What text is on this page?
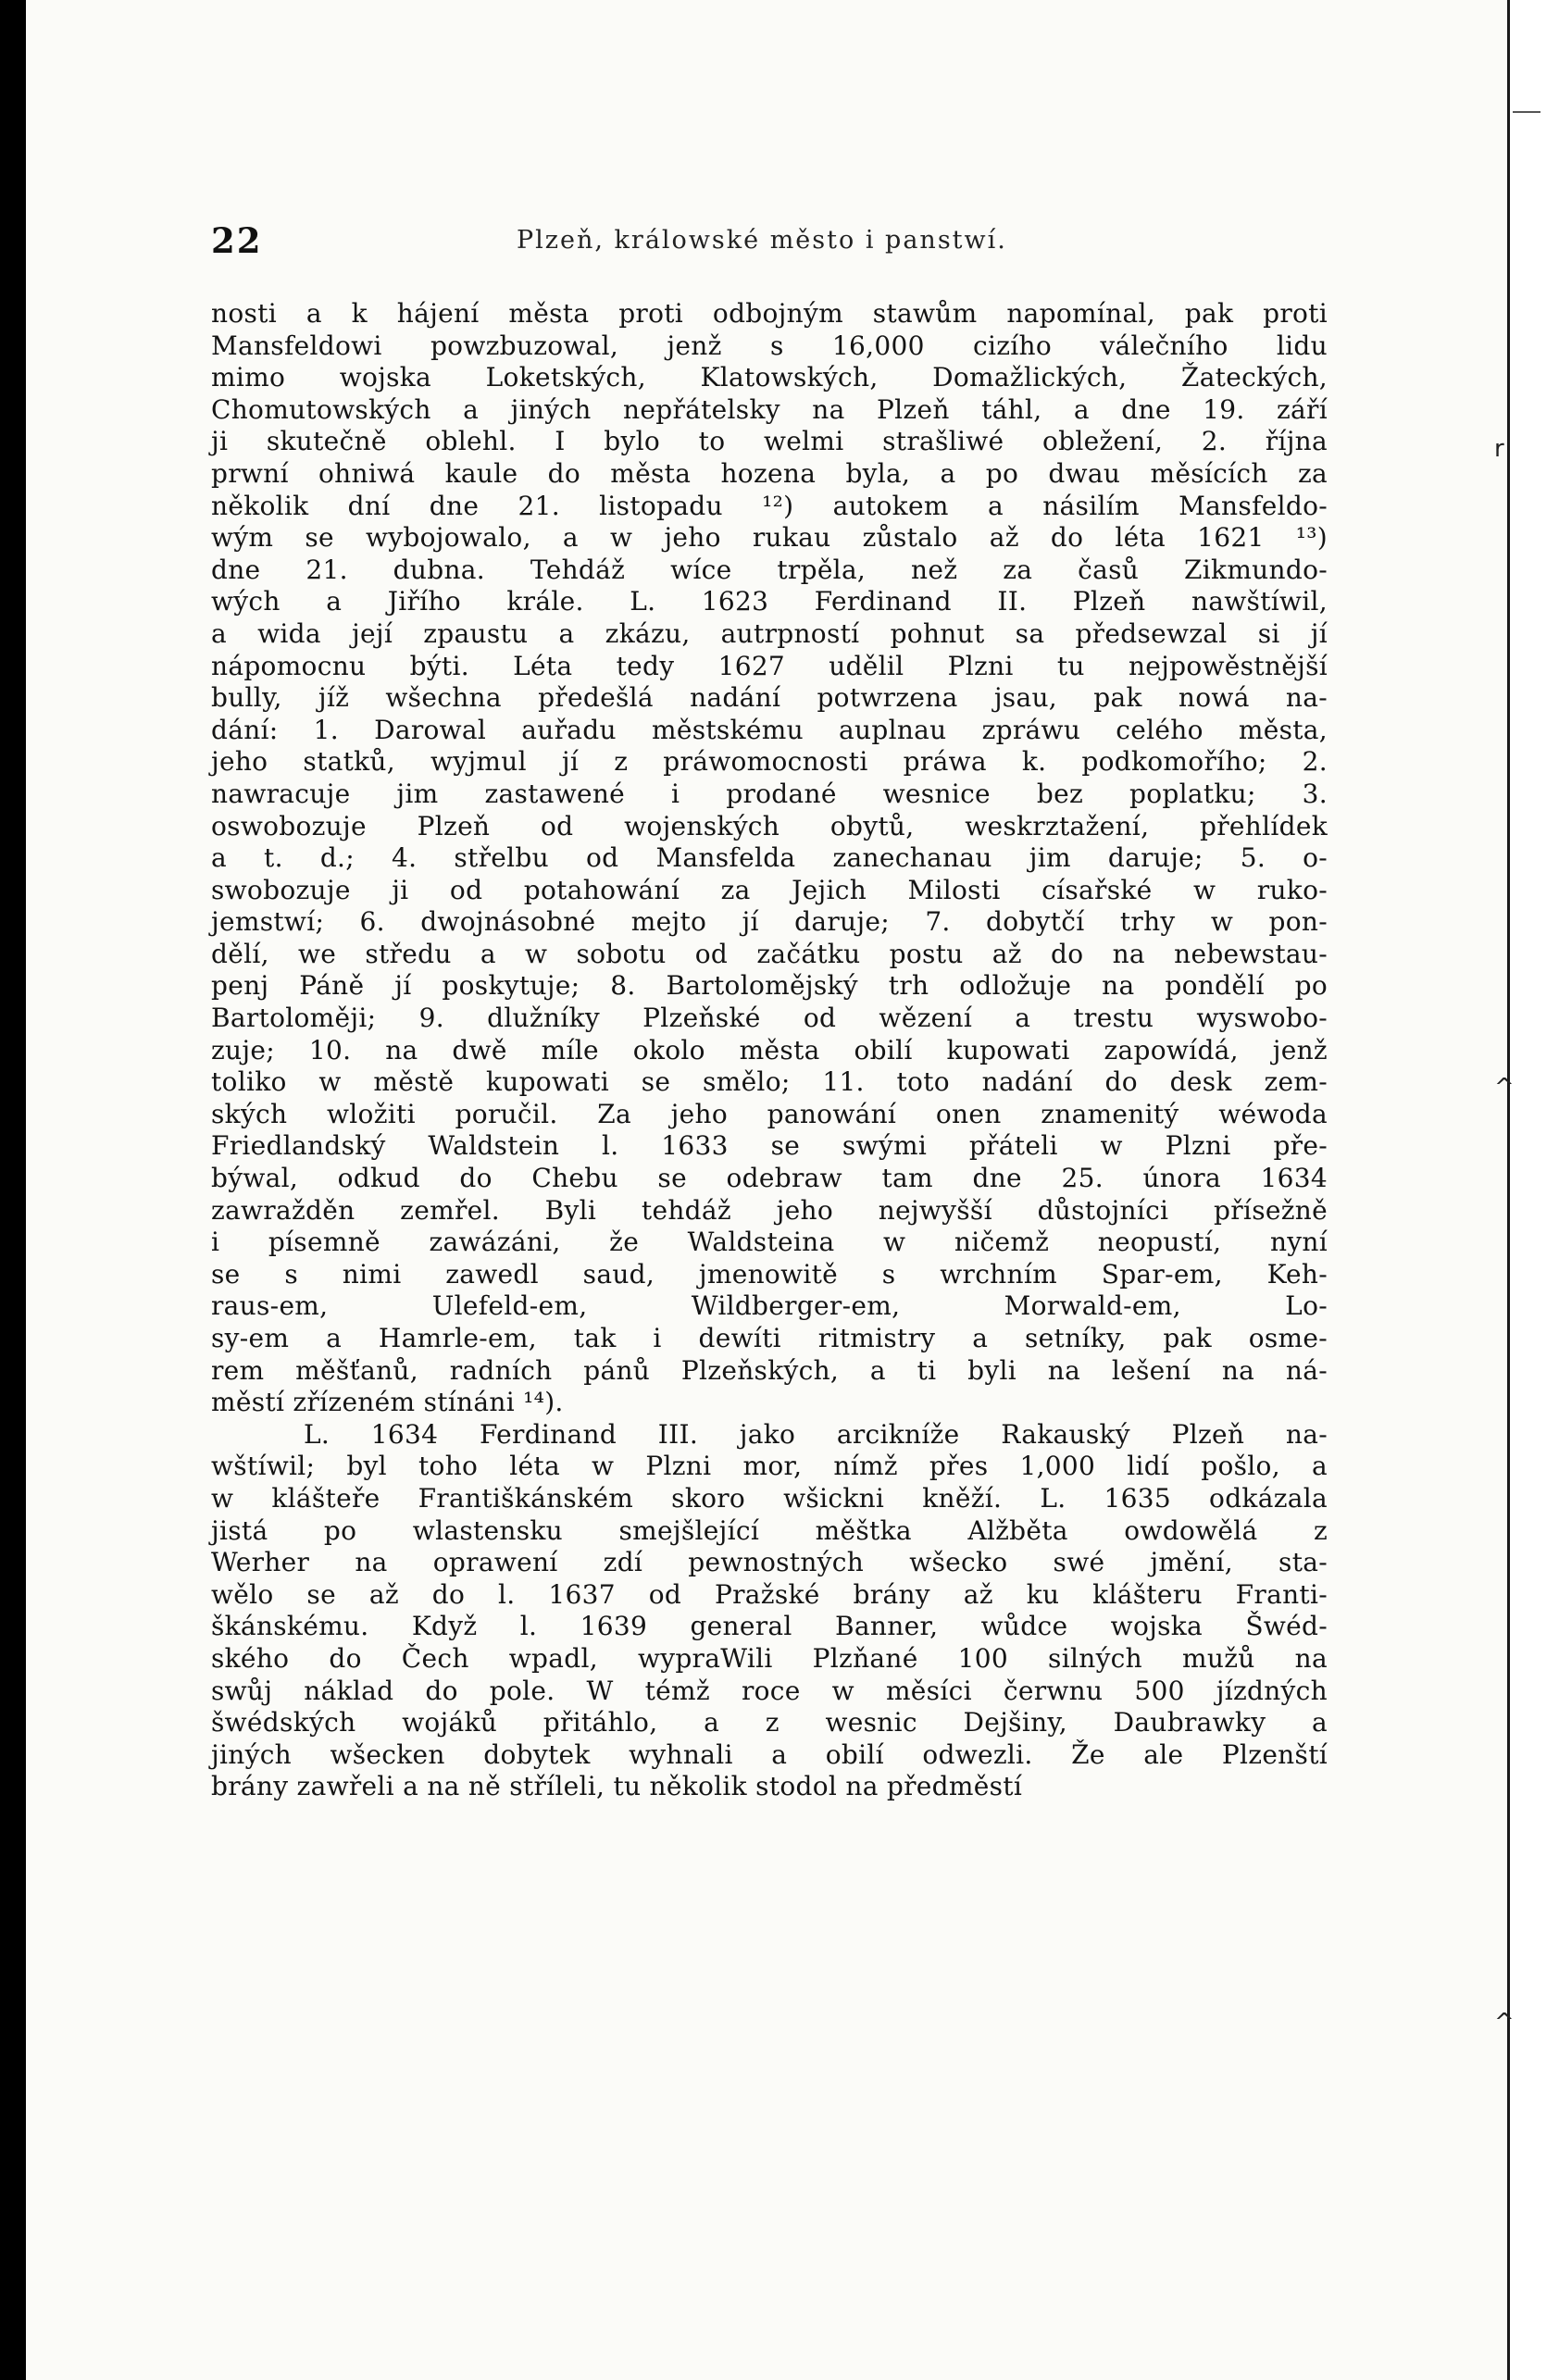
22	Plzeň, králowské město i panstwí.
r
^
^
nosti a k hájení města proti odbojným stawům napomínal, pak proti
Mansfeldowi powzbuzowal, jenž s 16,000 cizího válečního lidu
mimo wojska Loketských, Klatowských, Domažlických, Žateckých,
Chomutowských a jiných nepřátelsky na Plzeň táhl, a dne 19. září
ji skutečně oblehl. I bylo to welmi strašliwé obležení, 2. října
prwní ohniwá kaule do města hozena byla, a po dwau měsících za
několik dní dne 21. listopadu ¹²) autokem a násilím Mansfeldo-
wým se wybojowalo, a w jeho rukau zůstalo až do léta 1621 ¹³)
dne 21. dubna. Tehdáž wíce trpěla, než za časů Zikmundo-
wých a Jiřího krále. L. 1623 Ferdinand II. Plzeň nawštíwil,
a wida její zpaustu a zkázu, autrpností pohnut sa předsewzal si jí
nápomocnu býti. Léta tedy 1627 udělil Plzni tu nejpowěstnější
bully, jíž wšechna předešlá nadání potwrzena jsau, pak nowá na-
dání: 1. Darowal auřadu městskému auplnau zpráwu celého města,
jeho statků, wyjmul jí z práwomocnosti práwa k. podkomořího; 2.
nawracuje jim zastawené i prodané wesnice bez poplatku; 3.
oswobozuje Plzeň od wojenských obytů, weskrztažení, přehlídek
a t. d.; 4. střelbu od Mansfelda zanechanau jim daruje; 5. o-
swobozuje ji od potahowání za Jejich Milosti císařské w ruko-
jemstwí; 6. dwojnásobné mejto jí daruje; 7. dobytčí trhy w pon-
dělí, we středu a w sobotu od začátku postu až do na nebewstau-
penj Páně jí poskytuje; 8. Bartolomějský trh odložuje na pondělí po
Bartoloměji; 9. dlužníky Plzeňské od wězení a trestu wyswobo-
zuje; 10. na dwě míle okolo města obilí kupowati zapowídá, jenž
toliko w městě kupowati se smělo; 11. toto nadání do desk zem-
ských wložiti poručil. Za jeho panowání onen znamenitý wéwoda
Friedlandský Waldstein l. 1633 se swými přáteli w Plzni pře-
býwal, odkud do Chebu se odebraw tam dne 25. února 1634
zawražděn zemřel. Byli tehdáž jeho nejwyšší důstojníci přísežně
i písemně zawázáni, že Waldsteina w ničemž neopustí, nyní
se s nimi zawedl saud, jmenowitě s wrchním Spar-em, Keh-
raus-em, Ulefeld-em, Wildberger-em, Morwald-em, Lo-
sy-em a Hamrle-em, tak i dewíti ritmistry a setníky, pak osme-
rem měšťanů, radních pánů Plzeňských, a ti byli na lešení na ná-
městí zřízeném stínáni ¹⁴).
L. 1634 Ferdinand III. jako arcikníže Rakauský Plzeň na-
wštíwil; byl toho léta w Plzni mor, nímž přes 1,000 lidí pošlo, a
w klášteře Františkánském skoro wšickni kněží. L. 1635 odkázala
jistá po wlastensku smejšlející měštka Alžběta owdowělá z
Werher na oprawení zdí pewnostných wšecko swé jmění, sta-
wělo se až do l. 1637 od Pražské brány až ku klášteru Franti-
škánskému. Když l. 1639 general Banner, wůdce wojska Šwéd-
ského do Čech wpadl, wypraWili Plzňané 100 silných mužů na
swůj náklad do pole. W témž roce w měsíci čerwnu 500 jízdných
šwédských wojáků přitáhlo, a z wesnic Dejšiny, Daubrawky a
jiných wšecken dobytek wyhnali a obilí odwezli. Že ale Plzenští
brány zawřeli a na ně stříleli, tu několik stodol na předměstí
